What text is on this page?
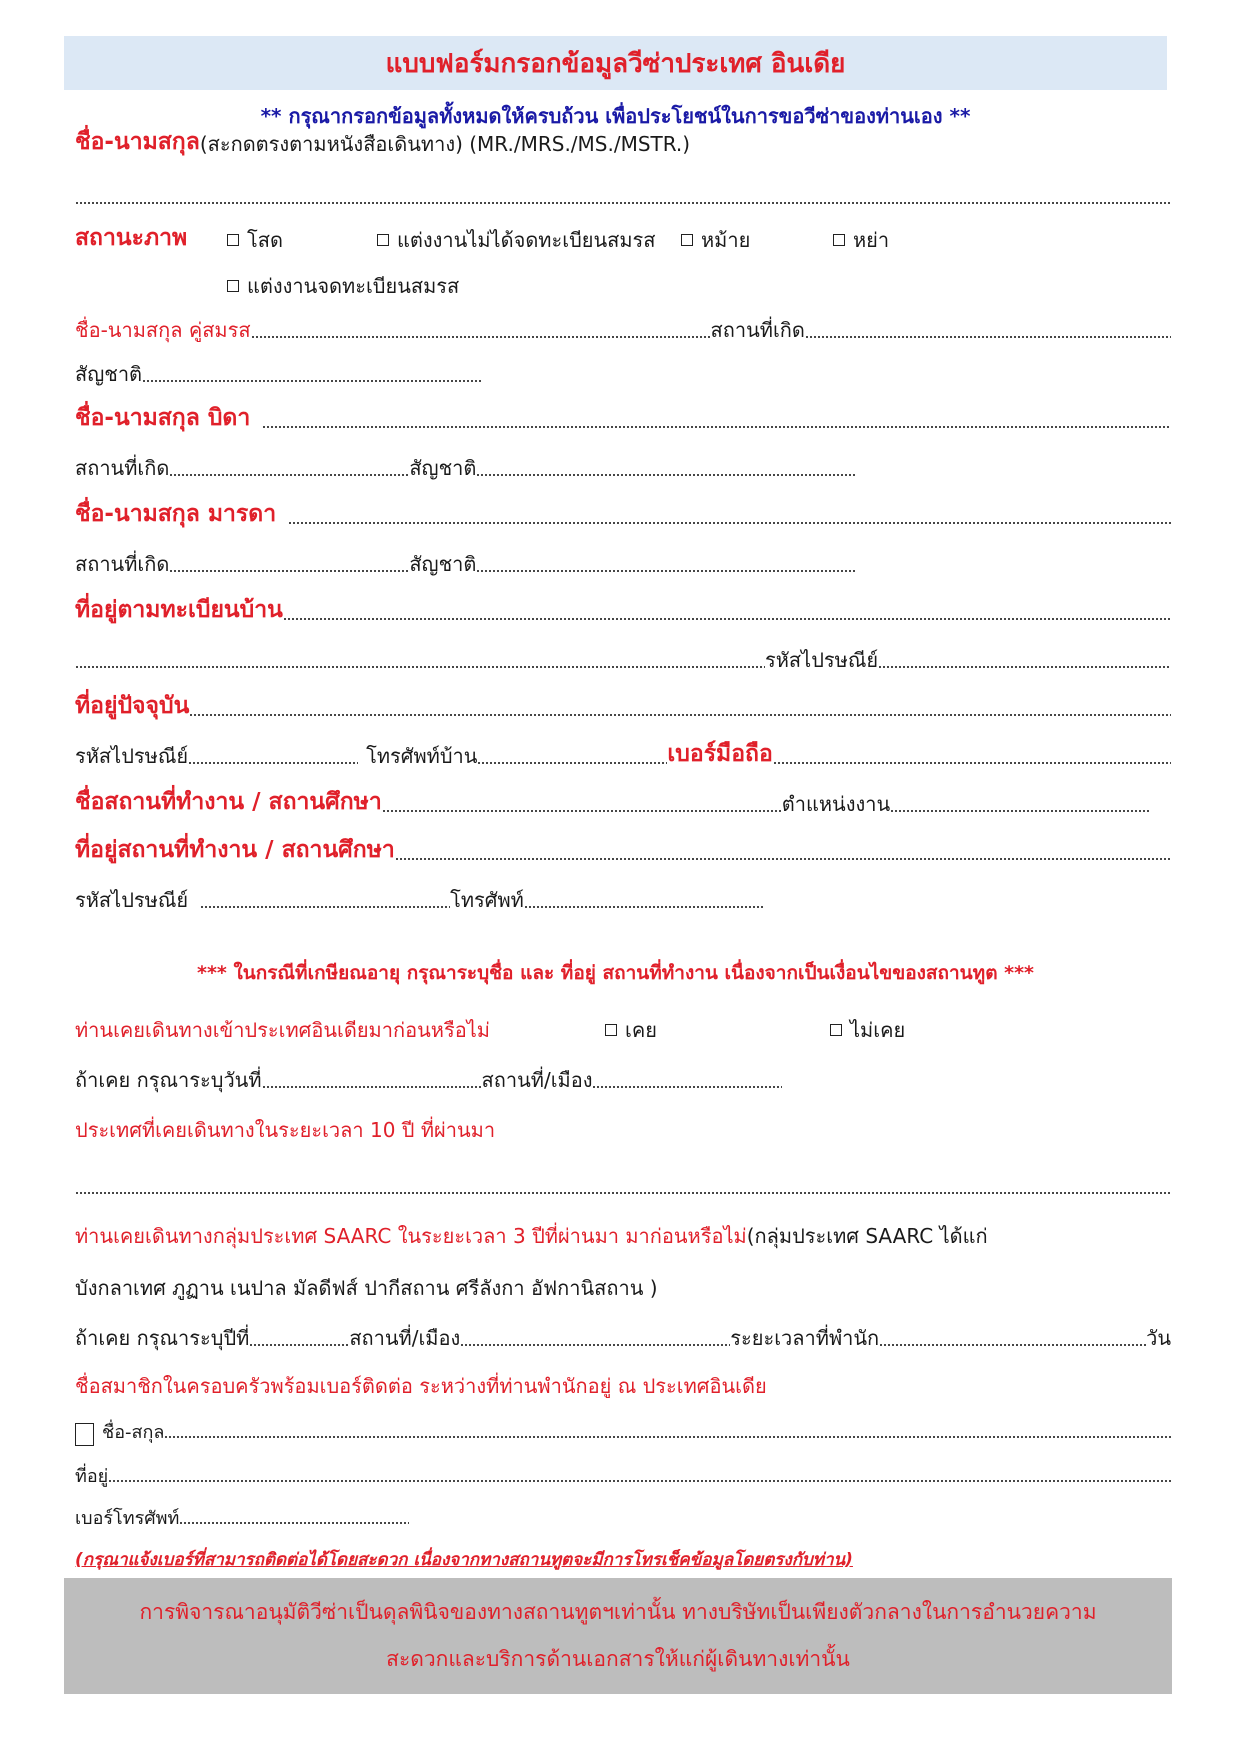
แบบฟอร์มกรอกข้อมูลวีซ่าประเทศ อินเดีย
** กรุณากรอกข้อมูลทั้งหมดให้ครบถ้วน เพื่อประโยชน์ในการขอวีซ่าของท่านเอง **
ชื่อ-นามสกุล (สะกดตรงตามหนังสือเดินทาง) (MR./MRS./MS./MSTR.)
สถานะภาพ	โสด	แต่งงานไม่ได้จดทะเบียนสมรส หม้าย	หย่า
แต่งงานจดทะเบียนสมรส
ชื่อ-นามสกุล คู่สมรส	สถานที่เกิด
สัญชาติ
ชื่อ-นามสกุล บิดา
สถานที่เกิด	สัญชาติ
ชื่อ-นามสกุล มารดา
สถานที่เกิด	สัญชาติ
ที่อยู่ตามทะเบียนบ้าน
รหัสไปรษณีย์
ที่อยู่ปัจจุบัน
รหัสไปรษณีย์	โทรศัพท์บ้าน	เบอร์มือถือ
ชื่อสถานที่ทำงาน / สถานศึกษา	ตำแหน่งงาน
ที่อยู่สถานที่ทำงาน / สถานศึกษา
รหัสไปรษณีย์	โทรศัพท์
*** ในกรณีที่เกษียณอายุ กรุณาระบุชื่อ และ ที่อยู่ สถานที่ทำงาน เนื่องจากเป็นเงื่อนไขของสถานทูต ***
ท่านเคยเดินทางเข้าประเทศอินเดียมาก่อนหรือไม่	เคย	ไม่เคย
ถ้าเคย กรุณาระบุวันที่	สถานที่/เมือง
ประเทศที่เคยเดินทางในระยะเวลา 10 ปี ที่ผ่านมา
ท่านเคยเดินทางกลุ่มประเทศ SAARC ในระยะเวลา 3 ปีที่ผ่านมา มาก่อนหรือไม่ (กลุ่มประเทศ SAARC ได้แก่
บังกลาเทศ ภูฏาน เนปาล มัลดีฟส์ ปากีสถาน ศรีลังกา อัฟกานิสถาน )
ถ้าเคย กรุณาระบุปีที่	สถานที่/เมือง	ระยะเวลาที่พำนัก	วัน
ชื่อสมาชิกในครอบครัวพร้อมเบอร์ติดต่อ ระหว่างที่ท่านพำนักอยู่ ณ ประเทศอินเดีย
ชื่อ-สกุล
ที่อยู่
เบอร์โทรศัพท์
(กรุณาแจ้งเบอร์ที่สามารถติดต่อได้โดยสะดวก เนื่องจากทางสถานทูตจะมีการโทรเช็คข้อมูลโดยตรงกับท่าน)
การพิจารณาอนุมัติวีซ่าเป็นดุลพินิจของทางสถานทูตฯเท่านั้น ทางบริษัทเป็นเพียงตัวกลางในการอำนวยความ
สะดวกและบริการด้านเอกสารให้แก่ผู้เดินทางเท่านั้น
